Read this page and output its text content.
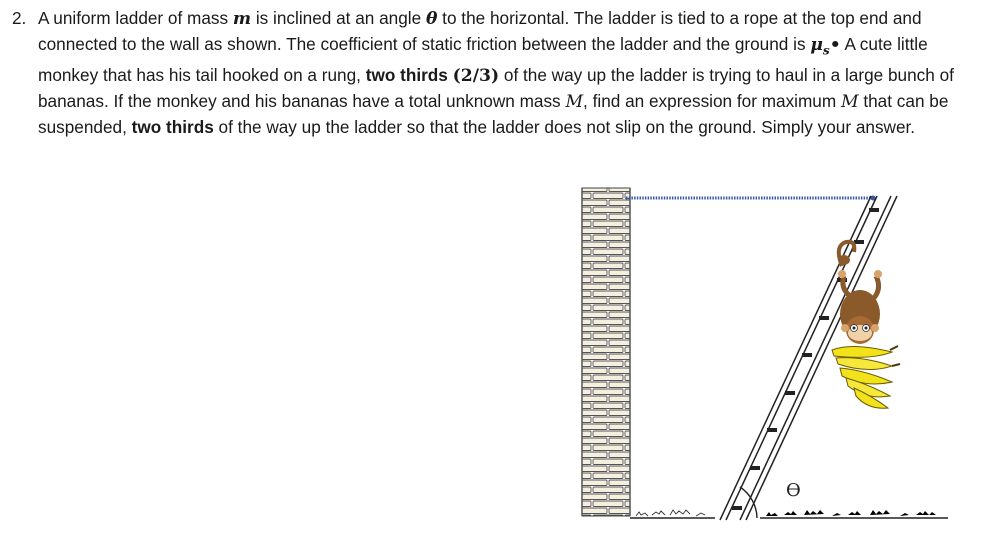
2. A uniform ladder of mass m is inclined at an angle θ to the horizontal. The ladder is tied to a rope at the top end and connected to the wall as shown. The coefficient of static friction between the ladder and the ground is $\mu_s•$ A cute little monkey that has his tail hooked on a rung, two thirds (2/3) of the way up the ladder is trying to haul in a large bunch of bananas. If the monkey and his bananas have a total unknown mass M, find an expression for maximum M that can be suspended, two thirds of the way up the ladder so that the ladder does not slip on the ground. Simply your answer.
ϴ
